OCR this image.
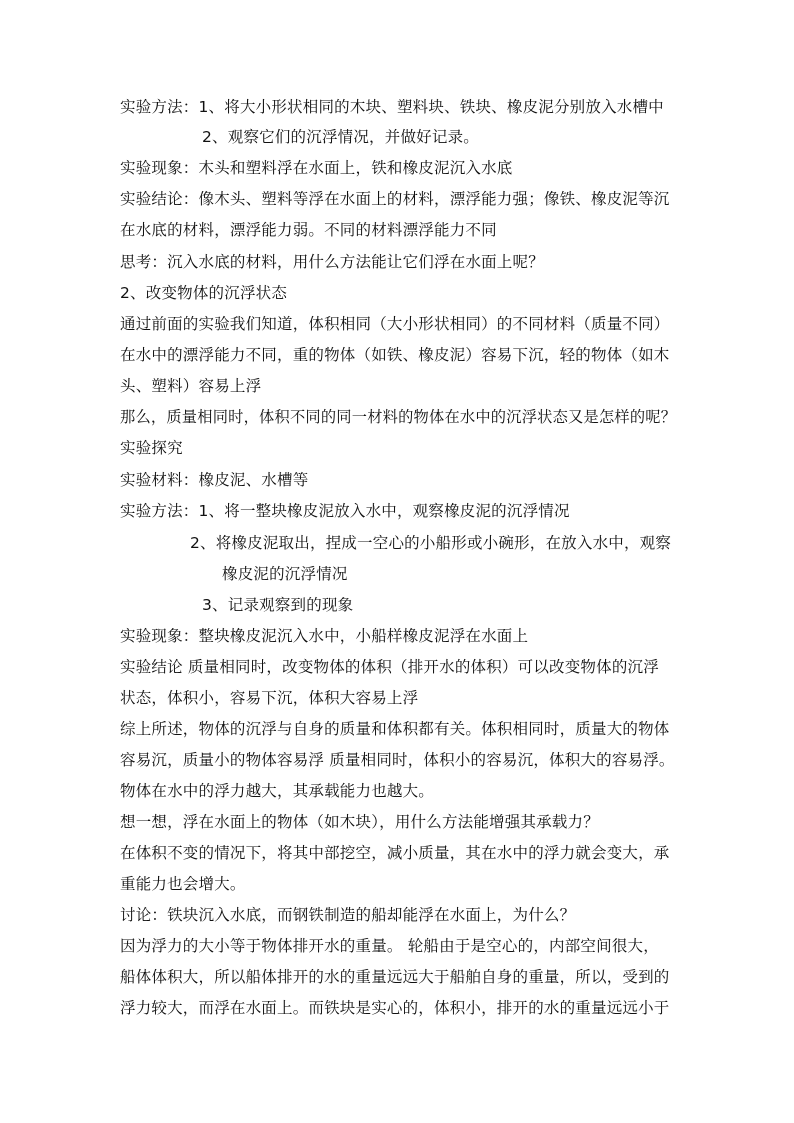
实验方法：1、将大小形状相同的木块、塑料块、铁块、橡皮泥分别放入水槽中
2、观察它们的沉浮情况，并做好记录。
实验现象：木头和塑料浮在水面上，铁和橡皮泥沉入水底
实验结论：像木头、塑料等浮在水面上的材料，漂浮能力强；像铁、橡皮泥等沉
在水底的材料，漂浮能力弱。不同的材料漂浮能力不同
思考：沉入水底的材料，用什么方法能让它们浮在水面上呢？
2、改变物体的沉浮状态
通过前面的实验我们知道，体积相同（大小形状相同）的不同材料（质量不同）
在水中的漂浮能力不同，重的物体（如铁、橡皮泥）容易下沉，轻的物体（如木
头、塑料）容易上浮
那么，质量相同时，体积不同的同一材料的物体在水中的沉浮状态又是怎样的呢？
实验探究
实验材料：橡皮泥、水槽等
实验方法：1、将一整块橡皮泥放入水中，观察橡皮泥的沉浮情况
2、将橡皮泥取出，捏成一空心的小船形或小碗形，在放入水中，观察
橡皮泥的沉浮情况
3、记录观察到的现象
实验现象：整块橡皮泥沉入水中，小船样橡皮泥浮在水面上
实验结论 质量相同时，改变物体的体积（排开水的体积）可以改变物体的沉浮
状态，体积小，容易下沉，体积大容易上浮
综上所述，物体的沉浮与自身的质量和体积都有关。体积相同时，质量大的物体
容易沉，质量小的物体容易浮 质量相同时，体积小的容易沉，体积大的容易浮。
物体在水中的浮力越大，其承载能力也越大。
想一想，浮在水面上的物体（如木块），用什么方法能增强其承载力？
在体积不变的情况下，将其中部挖空，减小质量，其在水中的浮力就会变大，承
重能力也会增大。
讨论：铁块沉入水底，而钢铁制造的船却能浮在水面上，为什么？
因为浮力的大小等于物体排开水的重量。 轮船由于是空心的，内部空间很大，
船体体积大，所以船体排开的水的重量远远大于船舶自身的重量，所以，受到的
浮力较大，而浮在水面上。而铁块是实心的，体积小，排开的水的重量远远小于
